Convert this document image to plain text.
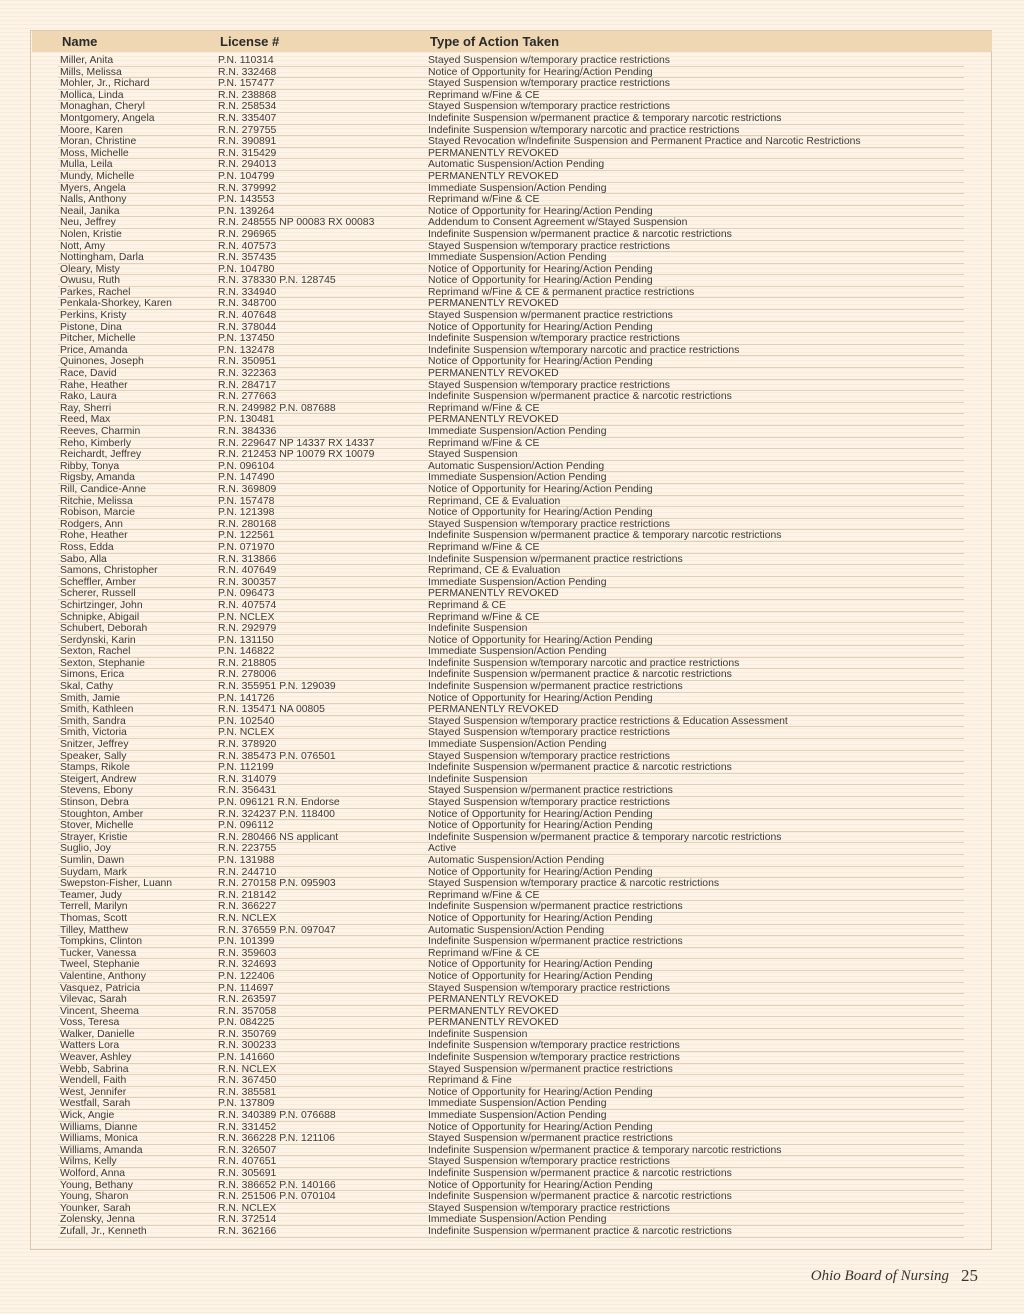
Name	License #	Type of Action Taken
Miller, Anita	P.N. 110314	Stayed Suspension w/temporary practice restrictions
Mills, Melissa	R.N. 332468	Notice of Opportunity for Hearing/Action Pending
Mohler, Jr., Richard	P.N. 157477	Stayed Suspension w/temporary practice restrictions
Mollica, Linda	R.N. 238868	Reprimand w/Fine & CE
Monaghan, Cheryl	R.N. 258534	Stayed Suspension w/temporary practice restrictions
Montgomery, Angela	R.N. 335407	Indefinite Suspension w/permanent practice & temporary narcotic restrictions
Moore, Karen	R.N. 279755	Indefinite Suspension w/temporary narcotic and practice restrictions
Moran, Christine	R.N. 390891	Stayed Revocation w/Indefinite Suspension and Permanent Practice and Narcotic Restrictions
Moss, Michelle	R.N. 315429	PERMANENTLY REVOKED
Mulla, Leila	R.N. 294013	Automatic Suspension/Action Pending
Mundy, Michelle	P.N. 104799	PERMANENTLY REVOKED
Myers, Angela	R.N. 379992	Immediate Suspension/Action Pending
Nalls, Anthony	P.N. 143553	Reprimand w/Fine & CE
Neail, Janika	P.N. 139264	Notice of Opportunity for Hearing/Action Pending
Neu, Jeffrey	R.N. 248555 NP 00083 RX 00083	Addendum to Consent Agreement w/Stayed Suspension
Nolen, Kristie	R.N. 296965	Indefinite Suspension w/permanent practice & narcotic restrictions
Nott, Amy	R.N. 407573	Stayed Suspension w/temporary practice restrictions
Nottingham, Darla	R.N. 357435	Immediate Suspension/Action Pending
Oleary, Misty	P.N. 104780	Notice of Opportunity for Hearing/Action Pending
Owusu, Ruth	R.N. 378330 P.N. 128745	Notice of Opportunity for Hearing/Action Pending
Parkes, Rachel	R.N. 334940	Reprimand w/Fine & CE & permanent practice restrictions
Penkala-Shorkey, Karen	R.N. 348700	PERMANENTLY REVOKED
Perkins, Kristy	R.N. 407648	Stayed Suspension w/permanent practice restrictions
Pistone, Dina	R.N. 378044	Notice of Opportunity for Hearing/Action Pending
Pitcher, Michelle	P.N. 137450	Indefinite Suspension w/temporary practice restrictions
Price, Amanda	P.N. 132478	Indefinite Suspension w/temporary narcotic and practice restrictions
Quinones, Joseph	R.N. 350951	Notice of Opportunity for Hearing/Action Pending
Race, David	R.N. 322363	PERMANENTLY REVOKED
Rahe, Heather	R.N. 284717	Stayed Suspension w/temporary practice restrictions
Rako, Laura	R.N. 277663	Indefinite Suspension w/permanent practice & narcotic restrictions
Ray, Sherri	R.N. 249982 P.N. 087688	Reprimand w/Fine & CE
Reed, Max	P.N. 130481	PERMANENTLY REVOKED
Reeves, Charmin	R.N. 384336	Immediate Suspension/Action Pending
Reho, Kimberly	R.N. 229647 NP 14337 RX 14337	Reprimand w/Fine & CE
Reichardt, Jeffrey	R.N. 212453 NP 10079 RX 10079	Stayed Suspension
Ribby, Tonya	P.N. 096104	Automatic Suspension/Action Pending
Rigsby, Amanda	P.N. 147490	Immediate Suspension/Action Pending
Rill, Candice-Anne	R.N. 369809	Notice of Opportunity for Hearing/Action Pending
Ritchie, Melissa	P.N. 157478	Reprimand, CE & Evaluation
Robison, Marcie	P.N. 121398	Notice of Opportunity for Hearing/Action Pending
Rodgers, Ann	R.N. 280168	Stayed Suspension w/temporary practice restrictions
Rohe, Heather	P.N. 122561	Indefinite Suspension w/permanent practice & temporary narcotic restrictions
Ross, Edda	P.N. 071970	Reprimand w/Fine & CE
Sabo, Alla	R.N. 313866	Indefinite Suspension w/permanent practice restrictions
Samons, Christopher	R.N. 407649	Reprimand, CE & Evaluation
Scheffler, Amber	R.N. 300357	Immediate Suspension/Action Pending
Scherer, Russell	P.N. 096473	PERMANENTLY REVOKED
Schirtzinger, John	R.N. 407574	Reprimand & CE
Schnipke, Abigail	P.N. NCLEX	Reprimand w/Fine & CE
Schubert, Deborah	R.N. 292979	Indefinite Suspension
Serdynski, Karin	P.N. 131150	Notice of Opportunity for Hearing/Action Pending
Sexton, Rachel	P.N. 146822	Immediate Suspension/Action Pending
Sexton, Stephanie	R.N. 218805	Indefinite Suspension w/temporary narcotic and practice restrictions
Simons, Erica	R.N. 278006	Indefinite Suspension w/permanent practice & narcotic restrictions
Skal, Cathy	R.N. 355951 P.N. 129039	Indefinite Suspension w/permanent practice restrictions
Smith, Jamie	P.N. 141726	Notice of Opportunity for Hearing/Action Pending
Smith, Kathleen	R.N. 135471 NA 00805	PERMANENTLY REVOKED
Smith, Sandra	P.N. 102540	Stayed Suspension w/temporary practice restrictions & Education Assessment
Smith, Victoria	P.N. NCLEX	Stayed Suspension w/temporary practice restrictions
Snitzer, Jeffrey	R.N. 378920	Immediate Suspension/Action Pending
Speaker, Sally	R.N. 385473 P.N. 076501	Stayed Suspension w/temporary practice restrictions
Stamps, Rikole	P.N. 112199	Indefinite Suspension w/permanent practice & narcotic restrictions
Steigert, Andrew	R.N. 314079	Indefinite Suspension
Stevens, Ebony	R.N. 356431	Stayed Suspension w/permanent practice restrictions
Stinson, Debra	P.N. 096121 R.N. Endorse	Stayed Suspension w/temporary practice restrictions
Stoughton, Amber	R.N. 324237 P.N. 118400	Notice of Opportunity for Hearing/Action Pending
Stover, Michelle	P.N. 096112	Notice of Opportunity for Hearing/Action Pending
Strayer, Kristie	R.N. 280466 NS applicant	Indefinite Suspension w/permanent practice & temporary narcotic restrictions
Suglio, Joy	R.N. 223755	Active
Sumlin, Dawn	P.N. 131988	Automatic Suspension/Action Pending
Suydam, Mark	R.N. 244710	Notice of Opportunity for Hearing/Action Pending
Swepston-Fisher, Luann	R.N. 270158 P.N. 095903	Stayed Suspension w/temporary practice & narcotic restrictions
Teamer, Judy	R.N. 218142	Reprimand w/Fine & CE
Terrell, Marilyn	R.N. 366227	Indefinite Suspension w/permanent practice restrictions
Thomas, Scott	R.N. NCLEX	Notice of Opportunity for Hearing/Action Pending
Tilley, Matthew	R.N. 376559 P.N. 097047	Automatic Suspension/Action Pending
Tompkins, Clinton	P.N. 101399	Indefinite Suspension w/permanent practice restrictions
Tucker, Vanessa	R.N. 359603	Reprimand w/Fine & CE
Tweel, Stephanie	R.N. 324693	Notice of Opportunity for Hearing/Action Pending
Valentine, Anthony	P.N. 122406	Notice of Opportunity for Hearing/Action Pending
Vasquez, Patricia	P.N. 114697	Stayed Suspension w/temporary practice restrictions
Vilevac, Sarah	R.N. 263597	PERMANENTLY REVOKED
Vincent, Sheema	R.N. 357058	PERMANENTLY REVOKED
Voss, Teresa	P.N. 084225	PERMANENTLY REVOKED
Walker, Danielle	R.N. 350769	Indefinite Suspension
Watters Lora	R.N. 300233	Indefinite Suspension w/temporary practice restrictions
Weaver, Ashley	P.N. 141660	Indefinite Suspension w/temporary practice restrictions
Webb, Sabrina	R.N. NCLEX	Stayed Suspension w/permanent practice restrictions
Wendell, Faith	R.N. 367450	Reprimand & Fine
West, Jennifer	R.N. 385581	Notice of Opportunity for Hearing/Action Pending
Westfall, Sarah	P.N. 137809	Immediate Suspension/Action Pending
Wick, Angie	R.N. 340389 P.N. 076688	Immediate Suspension/Action Pending
Williams, Dianne	R.N. 331452	Notice of Opportunity for Hearing/Action Pending
Williams, Monica	R.N. 366228 P.N. 121106	Stayed Suspension w/permanent practice restrictions
Williams, Amanda	R.N. 326507	Indefinite Suspension w/permanent practice & temporary narcotic restrictions
Wilms, Kelly	R.N. 407651	Stayed Suspension w/temporary practice restrictions
Wolford, Anna	R.N. 305691	Indefinite Suspension w/permanent practice & narcotic restrictions
Young, Bethany	R.N. 386652 P.N. 140166	Notice of Opportunity for Hearing/Action Pending
Young, Sharon	R.N. 251506 P.N. 070104	Indefinite Suspension w/permanent practice & narcotic restrictions
Younker, Sarah	R.N. NCLEX	Stayed Suspension w/temporary practice restrictions
Zolensky, Jenna	R.N. 372514	Immediate Suspension/Action Pending
Zufall, Jr., Kenneth	R.N. 362166	Indefinite Suspension w/permanent practice & narcotic restrictions
Ohio Board of Nursing 25
